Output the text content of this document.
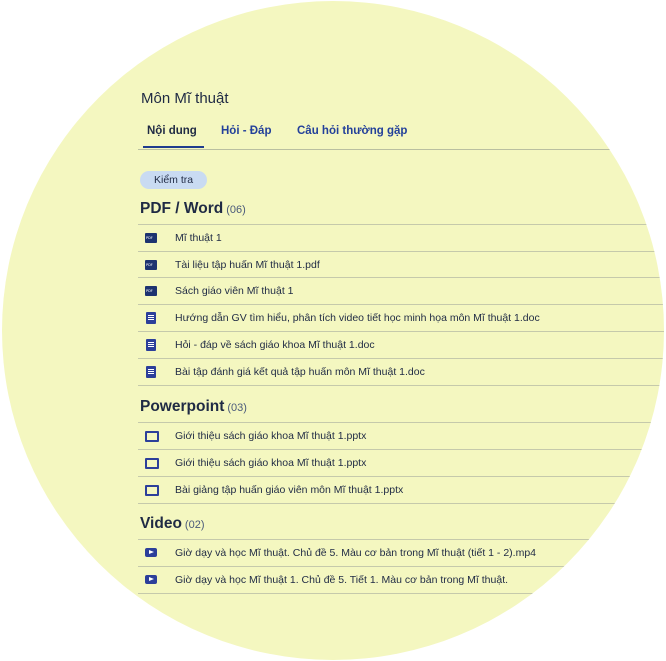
Môn Mĩ thuật
Nội dung Hỏi - Đáp Câu hỏi thường gặp
Kiểm tra
PDF / Word (06)
PDF
Mĩ thuật 1
PDF
Tài liệu tập huấn Mĩ thuật 1.pdf
PDF
Sách giáo viên Mĩ thuật 1
Hướng dẫn GV tìm hiểu, phân tích video tiết học minh họa môn Mĩ thuật 1.doc
Hỏi - đáp về sách giáo khoa Mĩ thuật 1.doc
Bài tập đánh giá kết quả tập huấn môn Mĩ thuật 1.doc
Powerpoint (03)
Giới thiệu sách giáo khoa Mĩ thuật 1.pptx
Giới thiệu sách giáo khoa Mĩ thuật 1.pptx
Bài giảng tập huấn giáo viên môn Mĩ thuật 1.pptx
Video (02)
Giờ dạy và học Mĩ thuật. Chủ đề 5. Màu cơ bản trong Mĩ thuật (tiết 1 - 2).mp4
Giờ dạy và học Mĩ thuật 1. Chủ đề 5. Tiết 1. Màu cơ bản trong Mĩ thuật.
